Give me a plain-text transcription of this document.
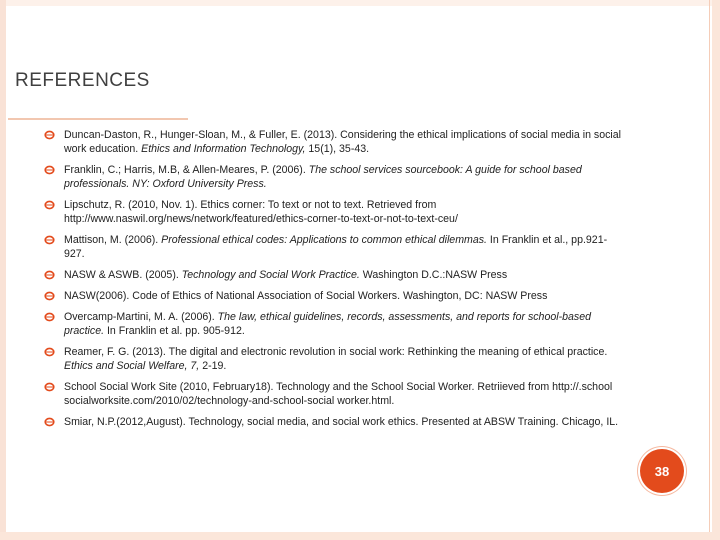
references
Duncan-Daston, R., Hunger-Sloan, M., & Fuller, E. (2013). Considering the ethical implications of social media in social work education. Ethics and Information Technology, 15(1), 35-43.
Franklin, C.; Harris, M.B, & Allen-Meares, P. (2006). The school services sourcebook: A guide for school based professionals. NY: Oxford University Press.
Lipschutz, R. (2010, Nov. 1). Ethics corner: To text or not to text. Retrieved from http://www.naswil.org/news/network/featured/ethics-corner-to-text-or-not-to-text-ceu/
Mattison, M. (2006). Professional ethical codes: Applications to common ethical dilemmas. In Franklin et al., pp.921-927.
NASW & ASWB. (2005). Technology and Social Work Practice. Washington D.C.:NASW Press
NASW(2006). Code of Ethics of National Association of Social Workers. Washington, DC: NASW Press
Overcamp-Martini, M. A. (2006). The law, ethical guidelines, records, assessments, and reports for school-based practice. In Franklin et al. pp. 905-912.
Reamer, F. G. (2013). The digital and electronic revolution in social work: Rethinking the meaning of ethical practice. Ethics and Social Welfare, 7, 2-19.
School Social Work Site (2010, February18). Technology and the School Social Worker. Retriieved from http://.school socialworksite.com/2010/02/technology-and-school-social worker.html.
Smiar, N.P.(2012,August). Technology, social media, and social work ethics. Presented at ABSW Training. Chicago, IL.
38
